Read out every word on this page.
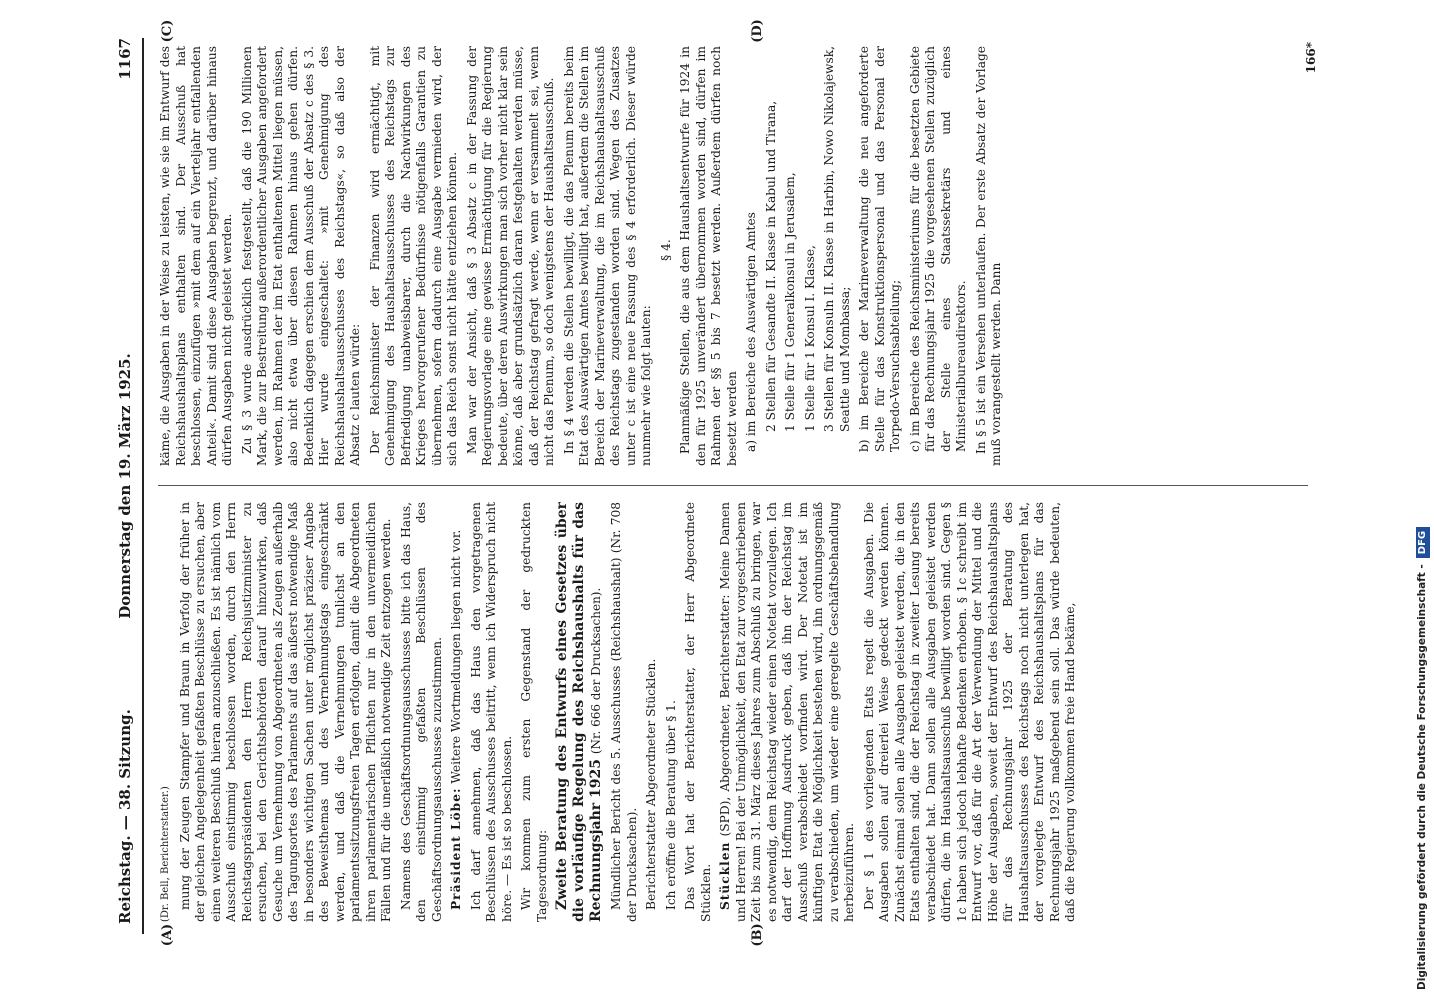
Reichstag. — 38. Sitzung.
Donnerstag den 19. März 1925.
1167

(Dr. Bell, Berichterstatter.) mung der Zeugen Stampfer und Braun in Verfolg der früher in der gleichen Angelegenheit gefaßten Beschlüsse zu ersuchen, aber einen weiteren Beschluß hieran anzuschließen. Es ist nämlich vom Ausschuß einstimmig beschlossen worden, durch den Herrn Reichstagspräsidenten den Herrn Reichsjustizminister zu ersuchen, bei den Gerichtsbehörden darauf hinzuwirken, daß Gesuche um Vernehmung von Abgeordneten als Zeugen außerhalb des Tagungsortes des Parlaments auf das äußerst notwendige Maß in besonders wichtigen Sachen unter möglichst präziser Angabe des Beweisthemas und des Vernehmungstags eingeschränkt werden, und daß die Vernehmungen tunlichst an den parlamentssitzungsfreien Tagen erfolgen, damit die Abgeordneten ihren parlamentarischen Pflichten nur in den unvermeidlichen Fällen und für die unerläßlich notwendige Zeit entzogen werden. Namens des Geschäftsordnungsausschusses bitte ich das Haus, den einstimmig gefaßten Beschlüssen des Geschäftsordnungsausschusses zuzustimmen. Präsident Löbe: Weitere Wortmeldungen liegen nicht vor. Ich darf annehmen, daß das Haus den vorgetragenen Beschlüssen des Ausschusses beitritt, wenn ich Widerspruch nicht höre. — Es ist so beschlossen. Wir kommen zum ersten Gegenstand der gedruckten Tagesordnung: Zweite Beratung des Entwurfs eines Gesetzes über die vorläufige Regelung des Reichshaushalts für das Rechnungsjahr 1925 (Nr. 666 der Drucksachen). Mündlicher Bericht des 5. Ausschusses (Reichshaushalt) (Nr. 708 der Drucksachen). Berichterstatter Abgeordneter Stücklen. Ich eröffne die Beratung über § 1. Das Wort hat der Berichterstatter, der Herr Abgeordnete Stücklen. Stücklen (SPD), Abgeordneter, Berichterstatter: Meine Damen und Herren! Bei der Unmöglichkeit, den Etat zur vorgeschriebenen Zeit bis zum 31. März dieses Jahres zum Abschluß zu bringen, war es notwendig, dem Reichstag wieder einen Notetat vorzulegen. Ich darf der Hoffnung Ausdruck geben, daß ihn der Reichstag im Ausschuß verabschiedet vorfinden wird. Der Notetat ist im künftigen Etat die Möglichkeit bestehen wird, ihn ordnungsgemäß zu verabschieden, um wieder eine geregelte Geschäftsbehandlung herbeizuführen. Der § 1 des vorliegenden Etats regelt die Ausgaben. Die Ausgaben sollen auf dreierlei Weise gedeckt werden können. Zunächst einmal sollen alle Ausgaben geleistet werden, die in den Etats enthalten sind, die der Reichstag in zweiter Lesung bereits verabschiedet hat. Dann sollen alle Ausgaben geleistet werden dürfen, die im Haushaltsausschuß bewilligt worden sind. Gegen § 1c haben sich jedoch lebhafte Bedenken erhoben. § 1c schreibt im Entwurf vor, daß für die Art der Verwendung der Mittel und die Höhe der Ausgaben, soweit der Entwurf des Reichshaushaltsplans für das Rechnungsjahr 1925 der Beratung des Haushaltsausschusses des Reichstags noch nicht unterlegen hat, der vorgelegte Entwurf des Reichshaushaltsplans für das Rechnungsjahr 1925 maßgebend sein soll. Das würde bedeuten, daß die Regierung vollkommen freie Hand bekäme,

käme, die Ausgaben in der Weise zu leisten, wie sie im Entwurf des Reichshaushaltsplans enthalten sind. Der Ausschuß hat beschlossen, einzufügen »mit dem auf ein Vierteljahr entfallenden Anteil«. Damit sind diese Ausgaben begrenzt, und darüber hinaus dürfen Ausgaben nicht geleistet werden. Zu § 3 wurde ausdrücklich festgestellt, daß die 190 Millionen Mark, die zur Bestreitung außerordentlicher Ausgaben angefordert werden, im Rahmen der im Etat enthaltenen Mittel liegen müssen, also nicht etwa über diesen Rahmen hinaus gehen dürfen. Bedenklich dagegen erschien dem Ausschuß der Absatz c des § 3. Hier wurde eingeschaltet: »mit Genehmigung des Reichshaushaltsausschusses des Reichstags«, so daß also der Absatz c lauten würde: Der Reichsminister der Finanzen wird ermächtigt, mit Genehmigung des Haushaltsausschusses des Reichstags zur Befriedigung unabweisbarer, durch die Nachwirkungen des Krieges hervorgerufener Bedürfnisse nötigenfalls Garantien zu übernehmen, sofern dadurch eine Ausgabe vermieden wird, der sich das Reich sonst nicht hätte entziehen können. Man war der Ansicht, daß § 3 Absatz c in der Fassung der Regierungsvorlage eine gewisse Ermächtigung für die Regierung bedeute, über deren Auswirkungen man sich vorher nicht klar sein könne, daß aber grundsätzlich daran festgehalten werden müsse, daß der Reichstag gefragt werde, wenn er versammelt sei, wenn nicht das Plenum, so doch wenigstens der Haushaltsausschuß. In § 4 werden die Stellen bewilligt, die das Plenum bereits beim Etat des Auswärtigen Amtes bewilligt hat, außerdem die Stellen im Bereich der Marineverwaltung, die im Reichshaushaltsausschuß des Reichstags zugestanden worden sind. Wegen des Zusatzes unter c ist eine neue Fassung des § 4 erforderlich. Dieser würde nunmehr wie folgt lauten:

§ 4. Planmäßige Stellen, die aus dem Haushaltsentwurfe für 1924 in den für 1925 unverändert übernommen worden sind, dürfen im Rahmen der §§ 5 bis 7 besetzt werden. Außerdem dürfen noch besetzt werden a) im Bereiche des Auswärtigen Amtes 2 Stellen für Gesandte II. Klasse in Kabul und Tirana, 1 Stelle für 1 Generalkonsul in Jerusalem, 1 Stelle für 1 Konsul I. Klasse, 3 Stellen für Konsuln II. Klasse in Harbin, Nowo Nikolajewsk, Seattle und Mombassa; b) im Bereiche der Marineverwaltung die neu angeforderte Stelle für das Konstruktionspersonal und das Personal der Torpedo-Versuchsabteilung; c) im Bereiche des Reichsministeriums für die besetzten Gebiete für das Rechnungsjahr 1925 die vorgesehenen Stellen zuzüglich der Stelle eines Staatssekretärs und eines Ministerialbureaudirektors. In § 5 ist ein Versehen unterlaufen. Der erste Absatz der Vorlage muß vorangestellt werden. Dann

(A)	(B)
(C)	(D)
166*
Digitalisierung gefördert durch die Deutsche Forschungsgemeinschaft -DFG
